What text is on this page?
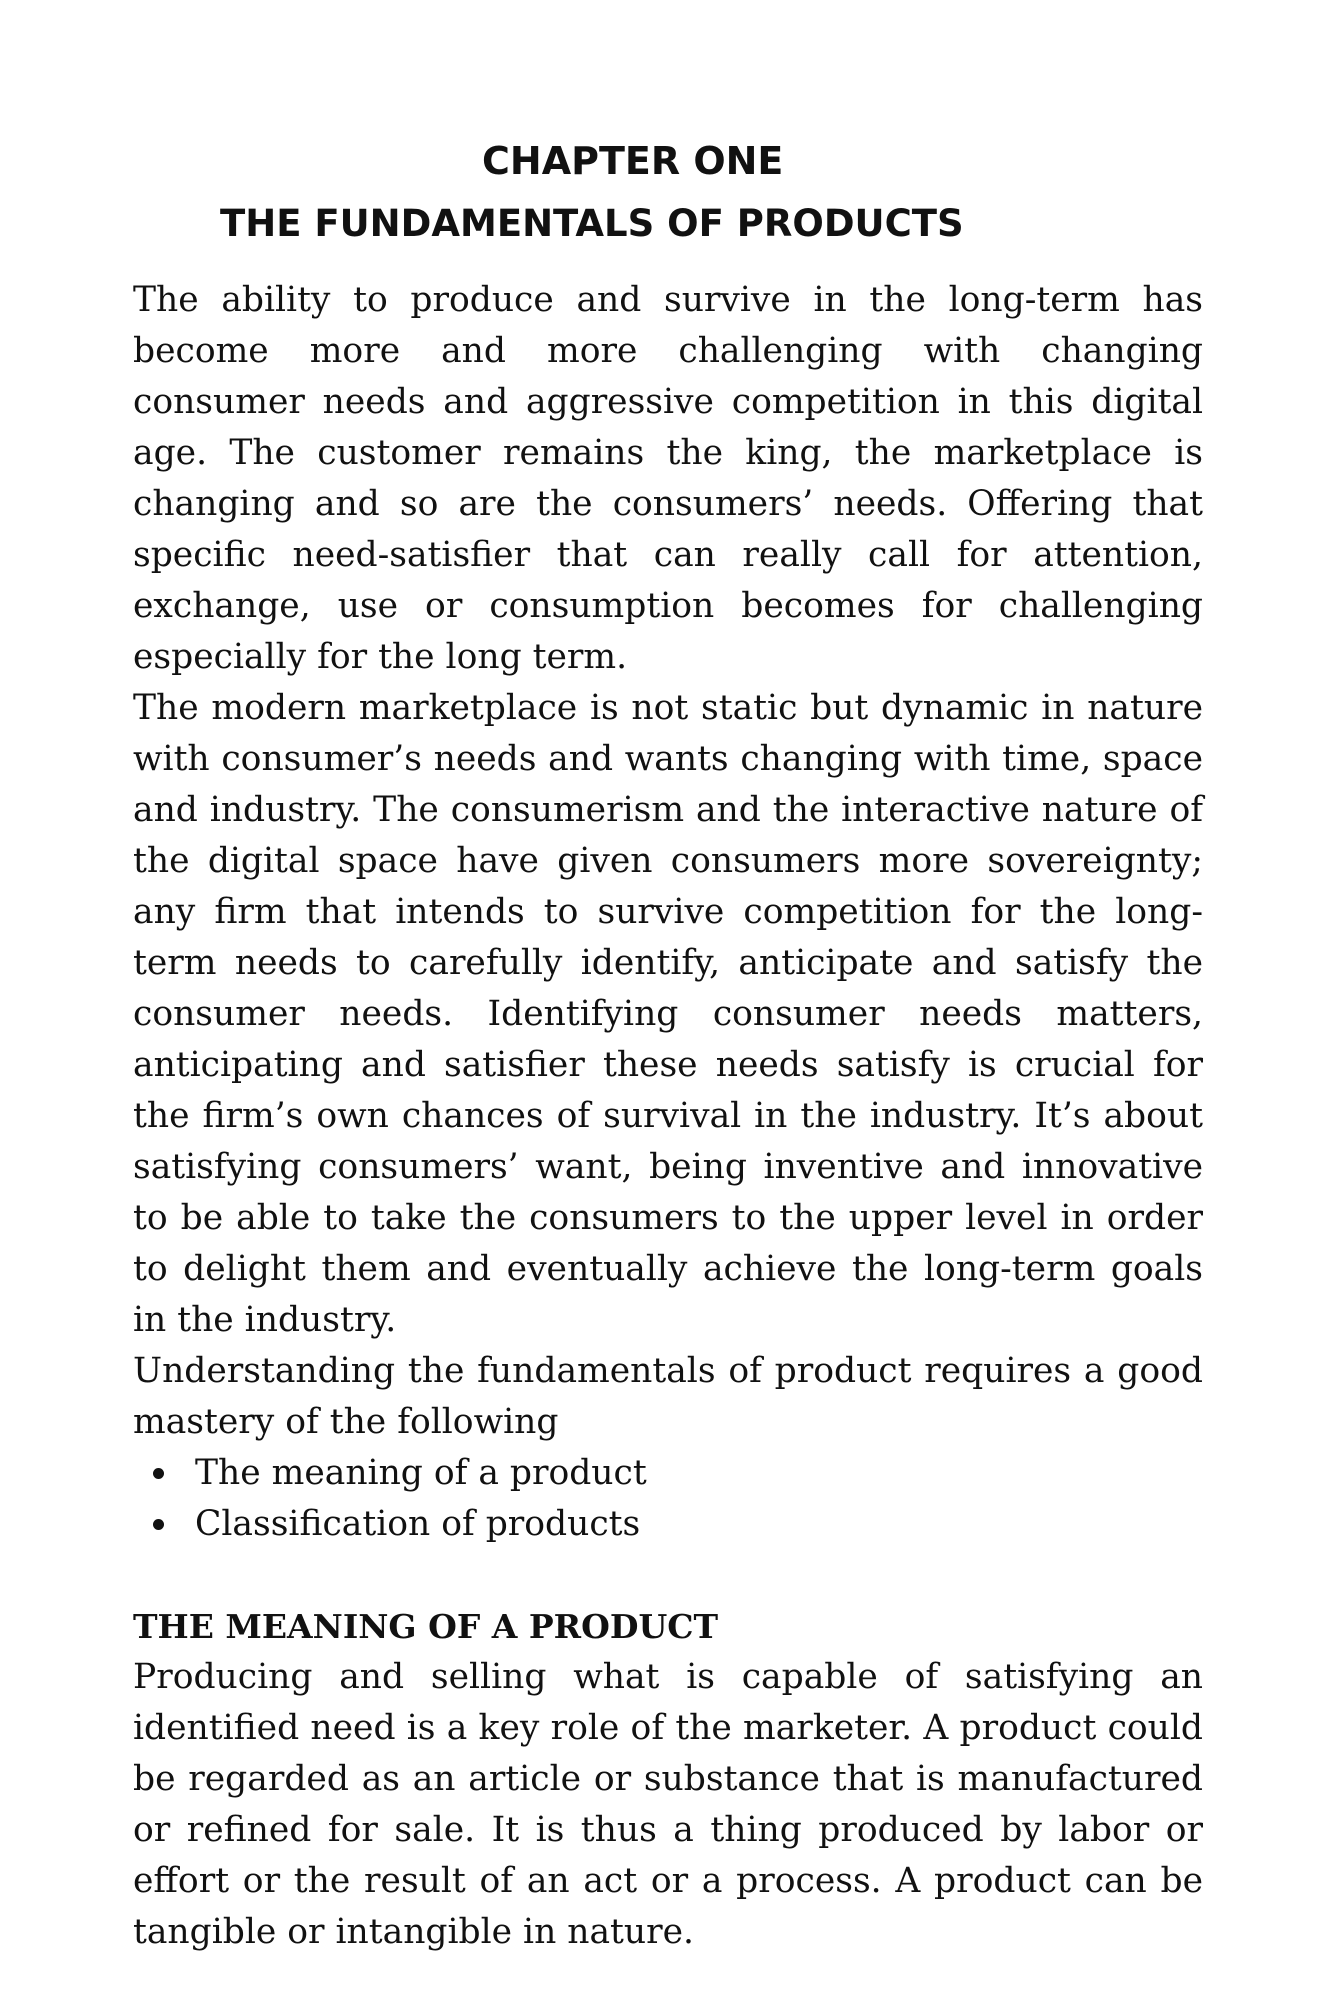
CHAPTER ONE
THE FUNDAMENTALS OF PRODUCTS

The ability to produce and survive in the long-term has become more and more challenging with changing consumer needs and aggressive competition in this digital age. The customer remains the king, the marketplace is changing and so are the consumers’ needs. Offering that specific need-satisfier that can really call for attention, exchange, use or consumption becomes for challenging especially for the long term.

The modern marketplace is not static but dynamic in nature with consumer’s needs and wants changing with time, space and industry. The consumerism and the interactive nature of the digital space have given consumers more sovereignty; any firm that intends to survive competition for the long-term needs to carefully identify, anticipate and satisfy the consumer needs. Identifying consumer needs matters, anticipating and satisfier these needs satisfy is crucial for the firm’s own chances of survival in the industry. It’s about satisfying consumers’ want, being inventive and innovative to be able to take the consumers to the upper level in order to delight them and eventually achieve the long-term goals in the industry.

Understanding the fundamentals of product requires a good mastery of the following

The meaning of a product
Classification of products
THE MEANING OF A PRODUCT

Producing and selling what is capable of satisfying an identified need is a key role of the marketer. A product could be regarded as an article or substance that is manufactured or refined for sale. It is thus a thing produced by labor or effort or the result of an act or a process. A product can be tangible or intangible in nature.
